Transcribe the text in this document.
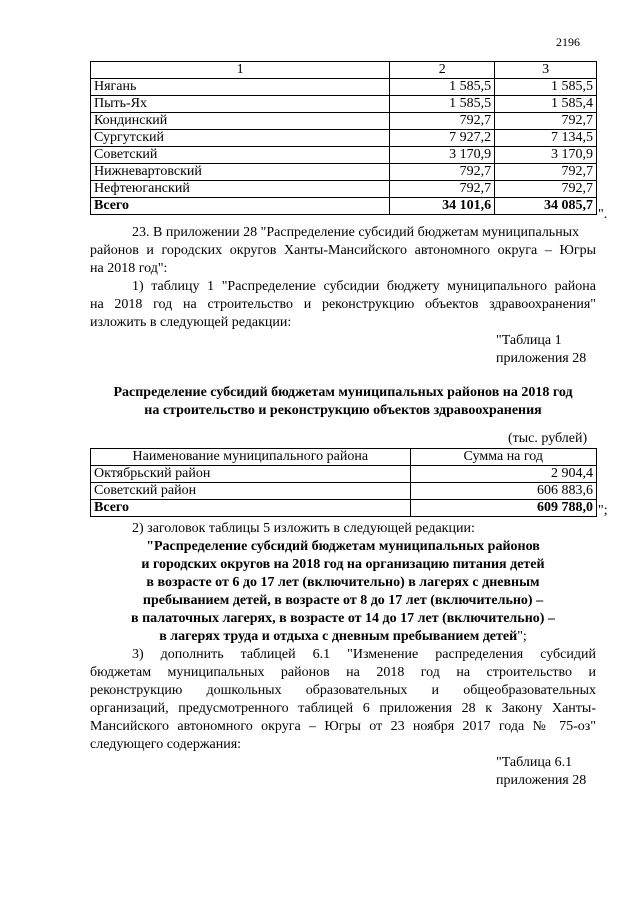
2196
1	2	3
Нягань	1 585,5	1 585,5
Пыть-Ях	1 585,5	1 585,4
Кондинский	792,7	792,7
Сургутский	7 927,2	7 134,5
Советский	3 170,9	3 170,9
Нижневартовский	792,7	792,7
Нефтеюганский	792,7	792,7
Всего	34 101,6	34 085,7
".
23. В приложении 28 "Распределение субсидий бюджетам муниципальных
районов и городских округов Ханты-Мансийского автономного округа – Югры
на 2018 год":
1) таблицу 1 "Распределение субсидии бюджету муниципального района
на 2018 год на строительство и реконструкцию объектов здравоохранения"
изложить в следующей редакции:
"Таблица 1
приложения 28
Распределение субсидий бюджетам муниципальных районов на 2018 год
на строительство и реконструкцию объектов здравоохранения
(тыс. рублей)
Наименование муниципального района	Сумма на год
Октябрьский район	2 904,4
Советский район	606 883,6
Всего	609 788,0 ";
2) заголовок таблицы 5 изложить в следующей редакции:
"Распределение субсидий бюджетам муниципальных районов
и городских округов на 2018 год на организацию питания детей
в возрасте от 6 до 17 лет (включительно) в лагерях с дневным
пребыванием детей, в возрасте от 8 до 17 лет (включительно) –
в палаточных лагерях, в возрасте от 14 до 17 лет (включительно) –
в лагерях труда и отдыха с дневным пребыванием детей";
3) дополнить таблицей 6.1 "Изменение распределения субсидий
бюджетам муниципальных районов на 2018 год на строительство и
реконструкцию дошкольных образовательных и общеобразовательных
организаций, предусмотренного таблицей 6 приложения 28 к Закону Ханты-
Мансийского автономного округа – Югры от 23 ноября 2017 года № 75-оз"
следующего содержания:
"Таблица 6.1
приложения 28
